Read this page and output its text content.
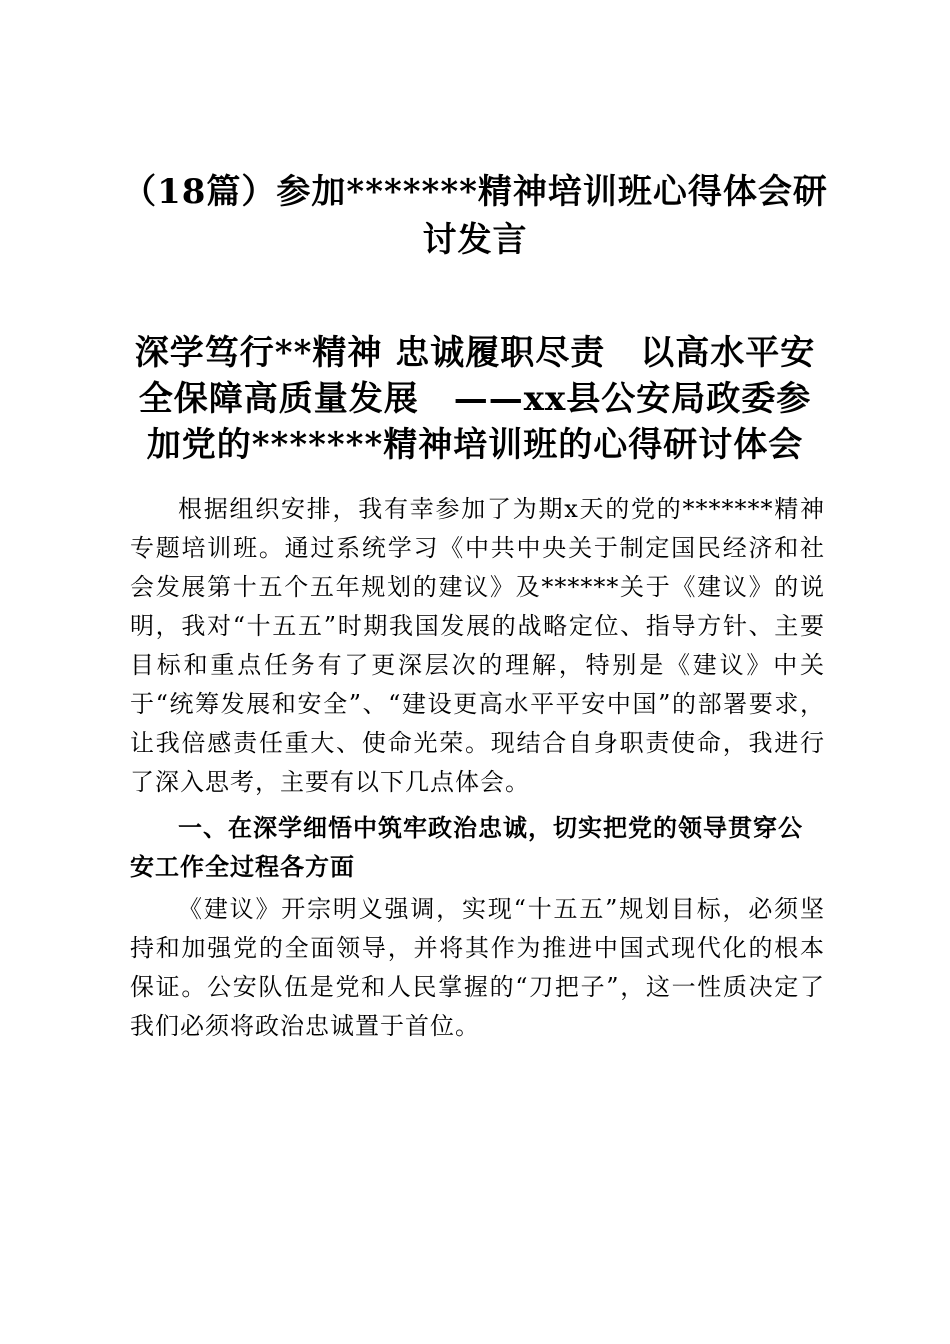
（18篇）参加*******精神培训班心得体会研讨发言
深学笃行**精神 忠诚履职尽责　以高水平安
全保障高质量发展　——xx县公安局政委参
加党的*******精神培训班的心得研讨体会

根据组织安排，我有幸参加了为期x天的党的*******精神专题培训班。通过系统学习《中共中央关于制定国民经济和社会发展第十五个五年规划的建议》及******关于《建议》的说明，我对“十五五”时期我国发展的战略定位、指导方针、主要目标和重点任务有了更深层次的理解，特别是《建议》中关于“统筹发展和安全”、“建设更高水平平安中国”的部署要求，让我倍感责任重大、使命光荣。现结合自身职责使命，我进行了深入思考，主要有以下几点体会。

一、在深学细悟中筑牢政治忠诚，切实把党的领导贯穿公安工作全过程各方面

《建议》开宗明义强调，实现“十五五”规划目标，必须坚持和加强党的全面领导，并将其作为推进中国式现代化的根本保证。公安队伍是党和人民掌握的“刀把子”，这一性质决定了我们必须将政治忠诚置于首位。
